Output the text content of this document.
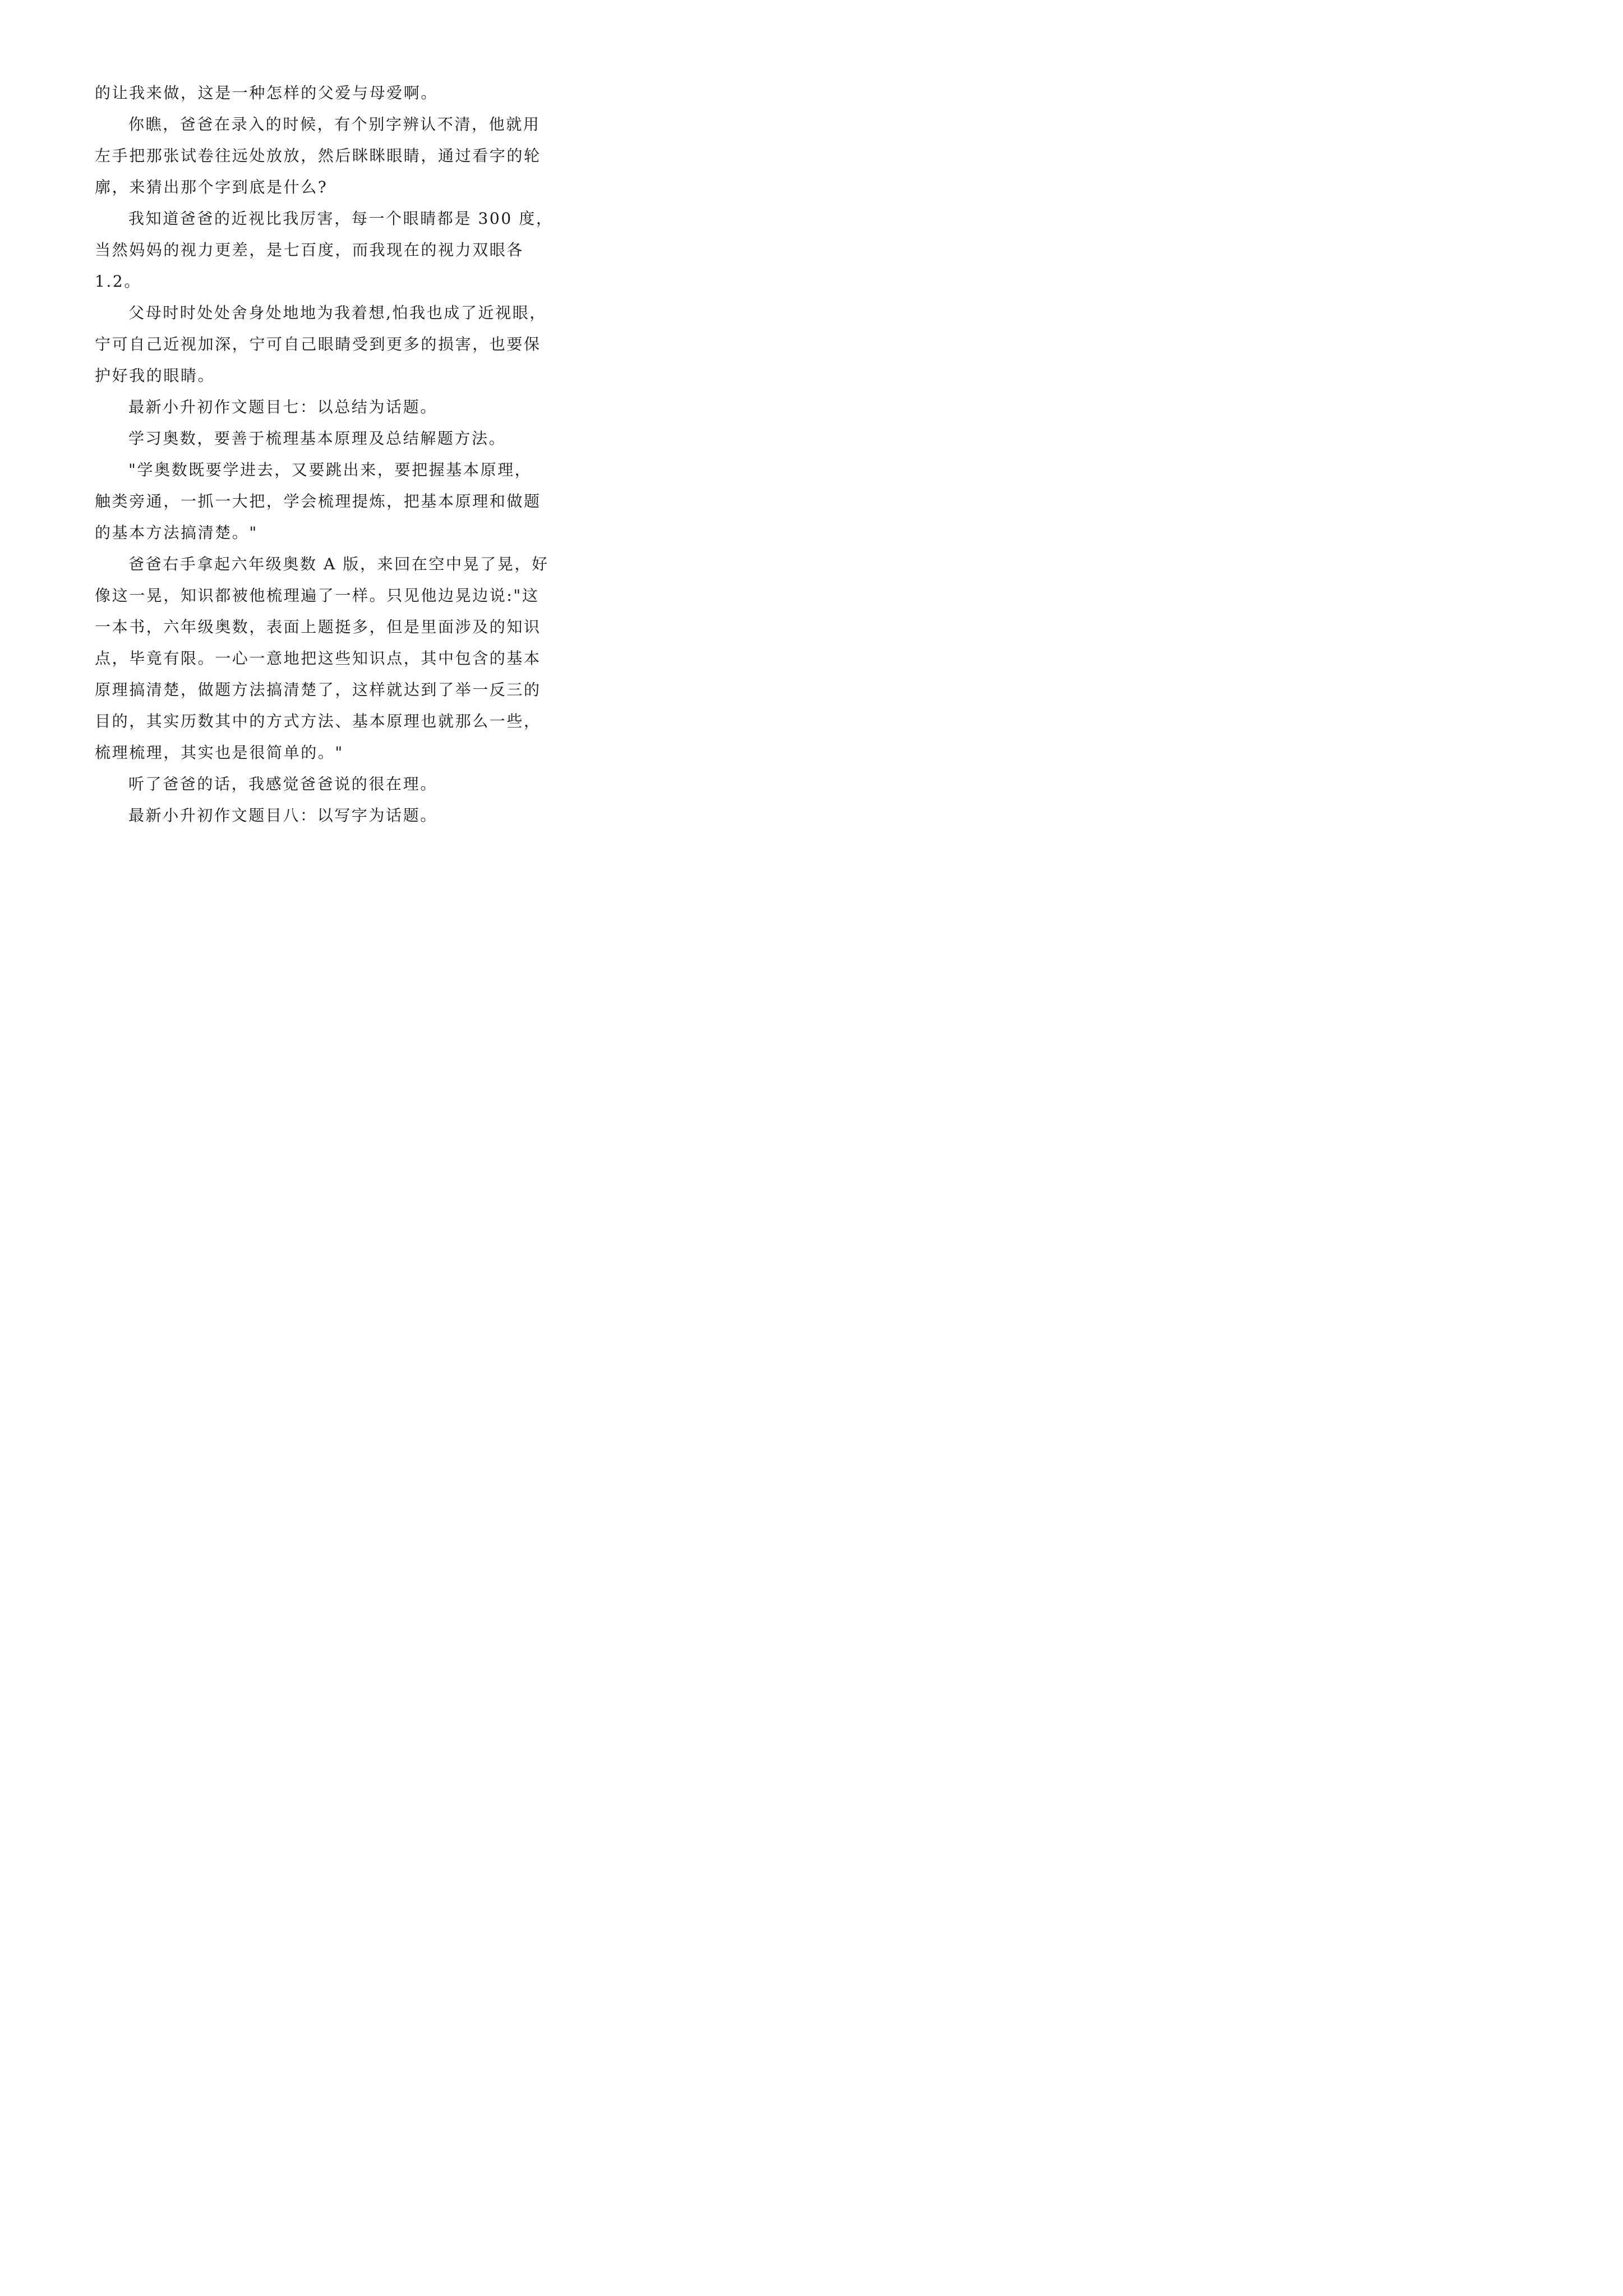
的让我来做，这是一种怎样的父爱与母爱啊。
你瞧，爸爸在录入的时候，有个别字辨认不清，他就用
左手把那张试卷往远处放放，然后眯眯眼睛，通过看字的轮
廓，来猜出那个字到底是什么?
我知道爸爸的近视比我厉害，每一个眼睛都是 300 度，
当然妈妈的视力更差，是七百度，而我现在的视力双眼各
1.2。
父母时时处处舍身处地地为我着想,怕我也成了近视眼，
宁可自己近视加深，宁可自己眼睛受到更多的损害，也要保
护好我的眼睛。
最新小升初作文题目七：以总结为话题。
学习奥数，要善于梳理基本原理及总结解题方法。
"学奥数既要学进去，又要跳出来，要把握基本原理，
触类旁通，一抓一大把，学会梳理提炼，把基本原理和做题
的基本方法搞清楚。"
爸爸右手拿起六年级奥数 A 版，来回在空中晃了晃，好
像这一晃，知识都被他梳理遍了一样。只见他边晃边说:"这
一本书，六年级奥数，表面上题挺多，但是里面涉及的知识
点，毕竟有限。一心一意地把这些知识点，其中包含的基本
原理搞清楚，做题方法搞清楚了，这样就达到了举一反三的
目的，其实历数其中的方式方法、基本原理也就那么一些，
梳理梳理，其实也是很简单的。"
听了爸爸的话，我感觉爸爸说的很在理。
最新小升初作文题目八：以写字为话题。
